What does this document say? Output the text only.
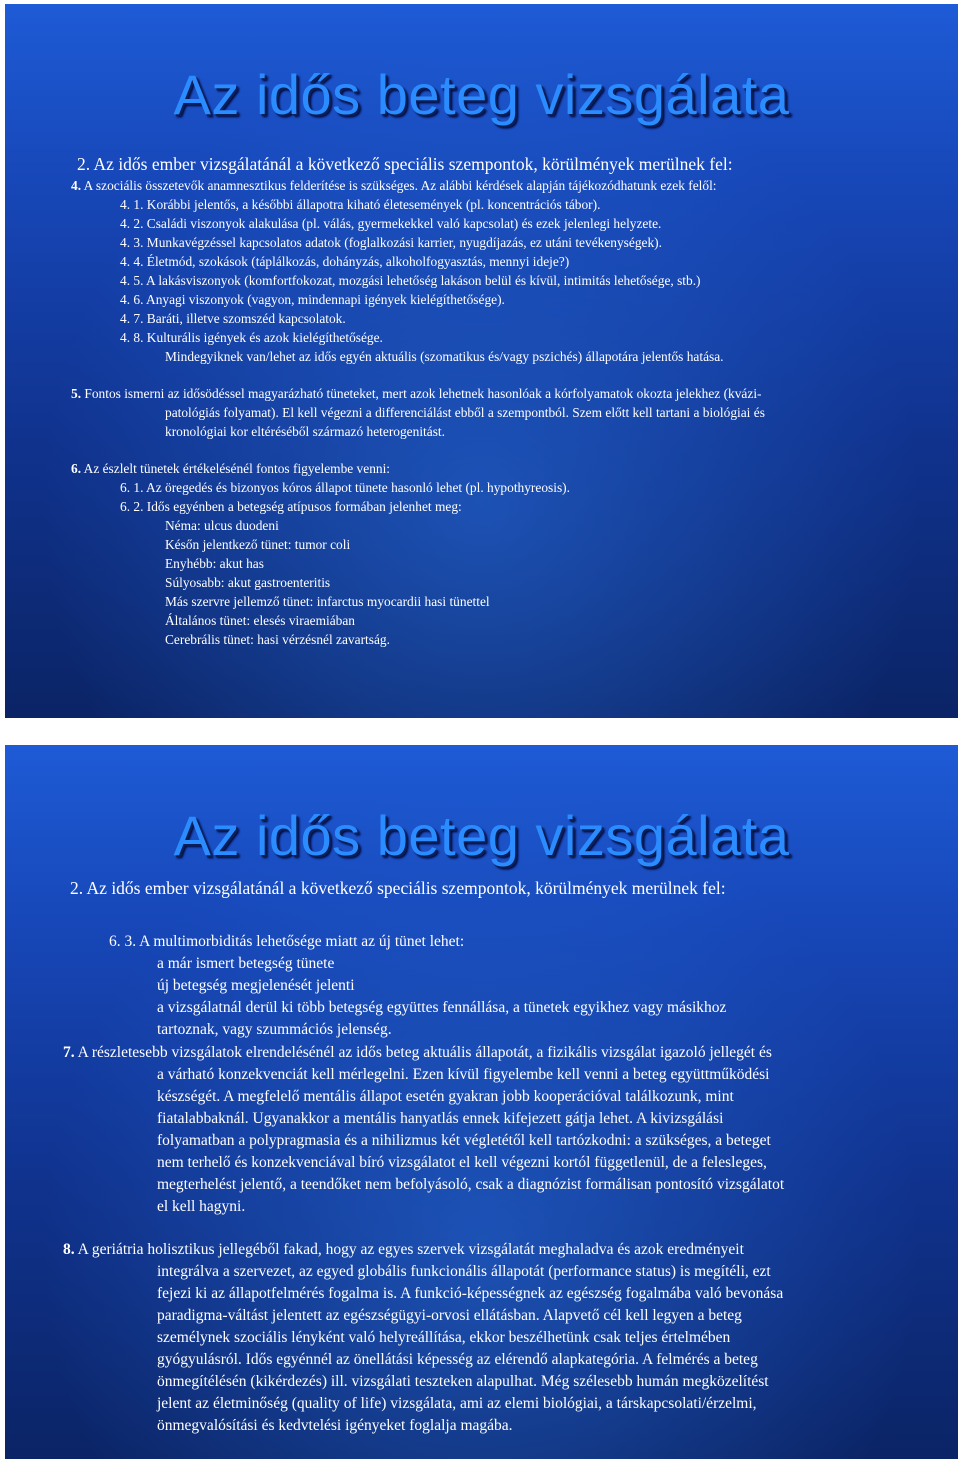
Az idős beteg vizsgálata
2. Az idős ember vizsgálatánál a következő speciális szempontok, körülmények merülnek fel:
4. A szociális összetevők anamnesztikus felderítése is szükséges. Az alábbi kérdések alapján tájékozódhatunk ezek felől:
4. 1. Korábbi jelentős, a későbbi állapotra kiható életesemények (pl. koncentrációs tábor).
4. 2. Családi viszonyok alakulása (pl. válás, gyermekekkel való kapcsolat) és ezek jelenlegi helyzete.
4. 3. Munkavégzéssel kapcsolatos adatok (foglalkozási karrier, nyugdíjazás, ez utáni tevékenységek).
4. 4. Életmód, szokások (táplálkozás, dohányzás, alkoholfogyasztás, mennyi ideje?)
4. 5. A lakásviszonyok (komfortfokozat, mozgási lehetőség lakáson belül és kívül, intimitás lehetősége, stb.)
4. 6. Anyagi viszonyok (vagyon, mindennapi igények kielégíthetősége).
4. 7. Baráti, illetve szomszéd kapcsolatok.
4. 8. Kulturális igények és azok kielégíthetősége.
Mindegyiknek van/lehet az idős egyén aktuális (szomatikus és/vagy pszichés) állapotára jelentős hatása.
5. Fontos ismerni az idősödéssel magyarázható tüneteket, mert azok lehetnek hasonlóak a kórfolyamatok okozta jelekhez (kvázi-
patológiás folyamat). El kell végezni a differenciálást ebből a szempontból. Szem előtt kell tartani a biológiai és
kronológiai kor eltéréséből származó heterogenitást.
6. Az észlelt tünetek értékelésénél fontos figyelembe venni:
6. 1. Az öregedés és bizonyos kóros állapot tünete hasonló lehet (pl. hypothyreosis).
6. 2. Idős egyénben a betegség atípusos formában jelenhet meg:
Néma: ulcus duodeni
Későn jelentkező tünet: tumor coli
Enyhébb: akut has
Súlyosabb: akut gastroenteritis
Más szervre jellemző tünet: infarctus myocardii hasi tünettel
Általános tünet: elesés viraemiában
Cerebrális tünet: hasi vérzésnél zavartság.
Az idős beteg vizsgálata
2. Az idős ember vizsgálatánál a következő speciális szempontok, körülmények merülnek fel:
6. 3. A multimorbiditás lehetősége miatt az új tünet lehet:
a már ismert betegség tünete
új betegség megjelenését jelenti
a vizsgálatnál derül ki több betegség együttes fennállása, a tünetek egyikhez vagy másikhoz
tartoznak, vagy szummációs jelenség.
7. A részletesebb vizsgálatok elrendelésénél az idős beteg aktuális állapotát, a fizikális vizsgálat igazoló jellegét és
a várható konzekvenciát kell mérlegelni. Ezen kívül figyelembe kell venni a beteg együttműködési
készségét. A megfelelő mentális állapot esetén gyakran jobb kooperációval találkozunk, mint
fiatalabbaknál. Ugyanakkor a mentális hanyatlás ennek kifejezett gátja lehet. A kivizsgálási
folyamatban a polypragmasia és a nihilizmus két végletétől kell tartózkodni: a szükséges, a beteget
nem terhelő és konzekvenciával bíró vizsgálatot el kell végezni kortól függetlenül, de a felesleges,
megterhelést jelentő, a teendőket nem befolyásoló, csak a diagnózist formálisan pontosító vizsgálatot
el kell hagyni.
8. A geriátria holisztikus jellegéből fakad, hogy az egyes szervek vizsgálatát meghaladva és azok eredményeit
integrálva a szervezet, az egyed globális funkcionális állapotát (performance status) is megítéli, ezt
fejezi ki az állapotfelmérés fogalma is. A funkció-képességnek az egészség fogalmába való bevonása
paradigma-váltást jelentett az egészségügyi-orvosi ellátásban. Alapvető cél kell legyen a beteg
személynek szociális lényként való helyreállítása, ekkor beszélhetünk csak teljes értelmében
gyógyulásról. Idős egyénnél az önellátási képesség az elérendő alapkategória. A felmérés a beteg
önmegítélésén (kikérdezés) ill. vizsgálati teszteken alapulhat. Még szélesebb humán megközelítést
jelent az életminőség (quality of life) vizsgálata, ami az elemi biológiai, a társkapcsolati/érzelmi,
önmegvalósítási és kedvtelési igényeket foglalja magába.
